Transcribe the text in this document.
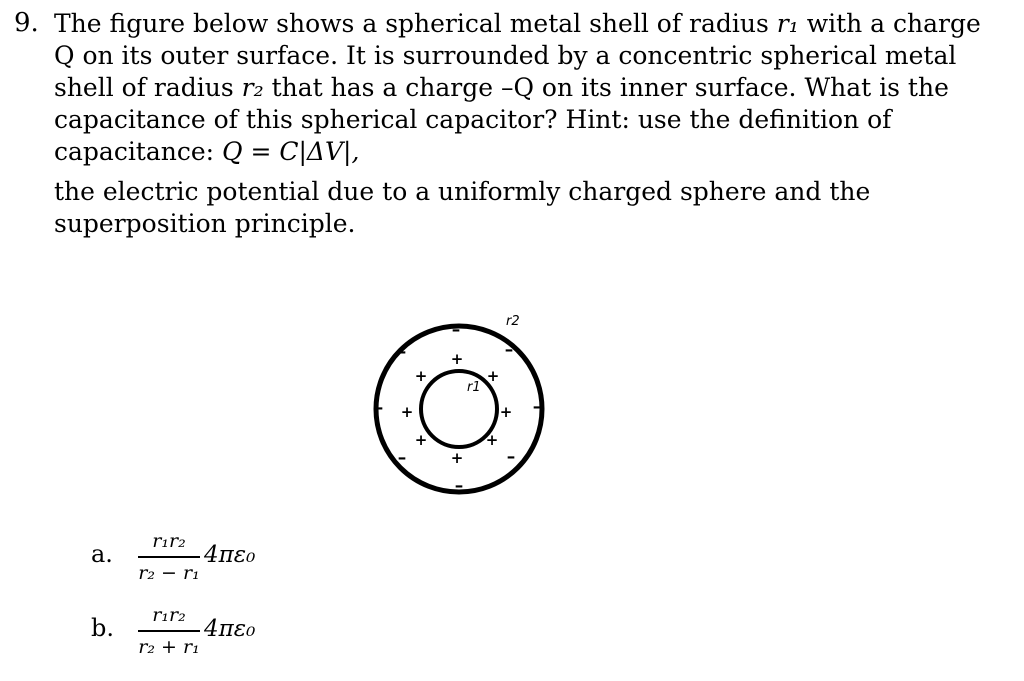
9. The figure below shows a spherical metal shell of radius r₁ with a charge Q on its outer surface. It is surrounded by a concentric spherical metal shell of radius r₂ that has a charge –Q on its inner surface. What is the capacitance of this spherical capacitor? Hint: use the definition of capacitance: Q = C|ΔV|,
the electric potential due to a uniformly charged sphere and the superposition principle.

r2
r1
–
–
–
–
–
–
–
–	+
+
+
+
+
+
+
+
a.	r₁r₂
r₂ − r₁
4πε₀
b.	r₁r₂
r₂ + r₁
4πε₀
